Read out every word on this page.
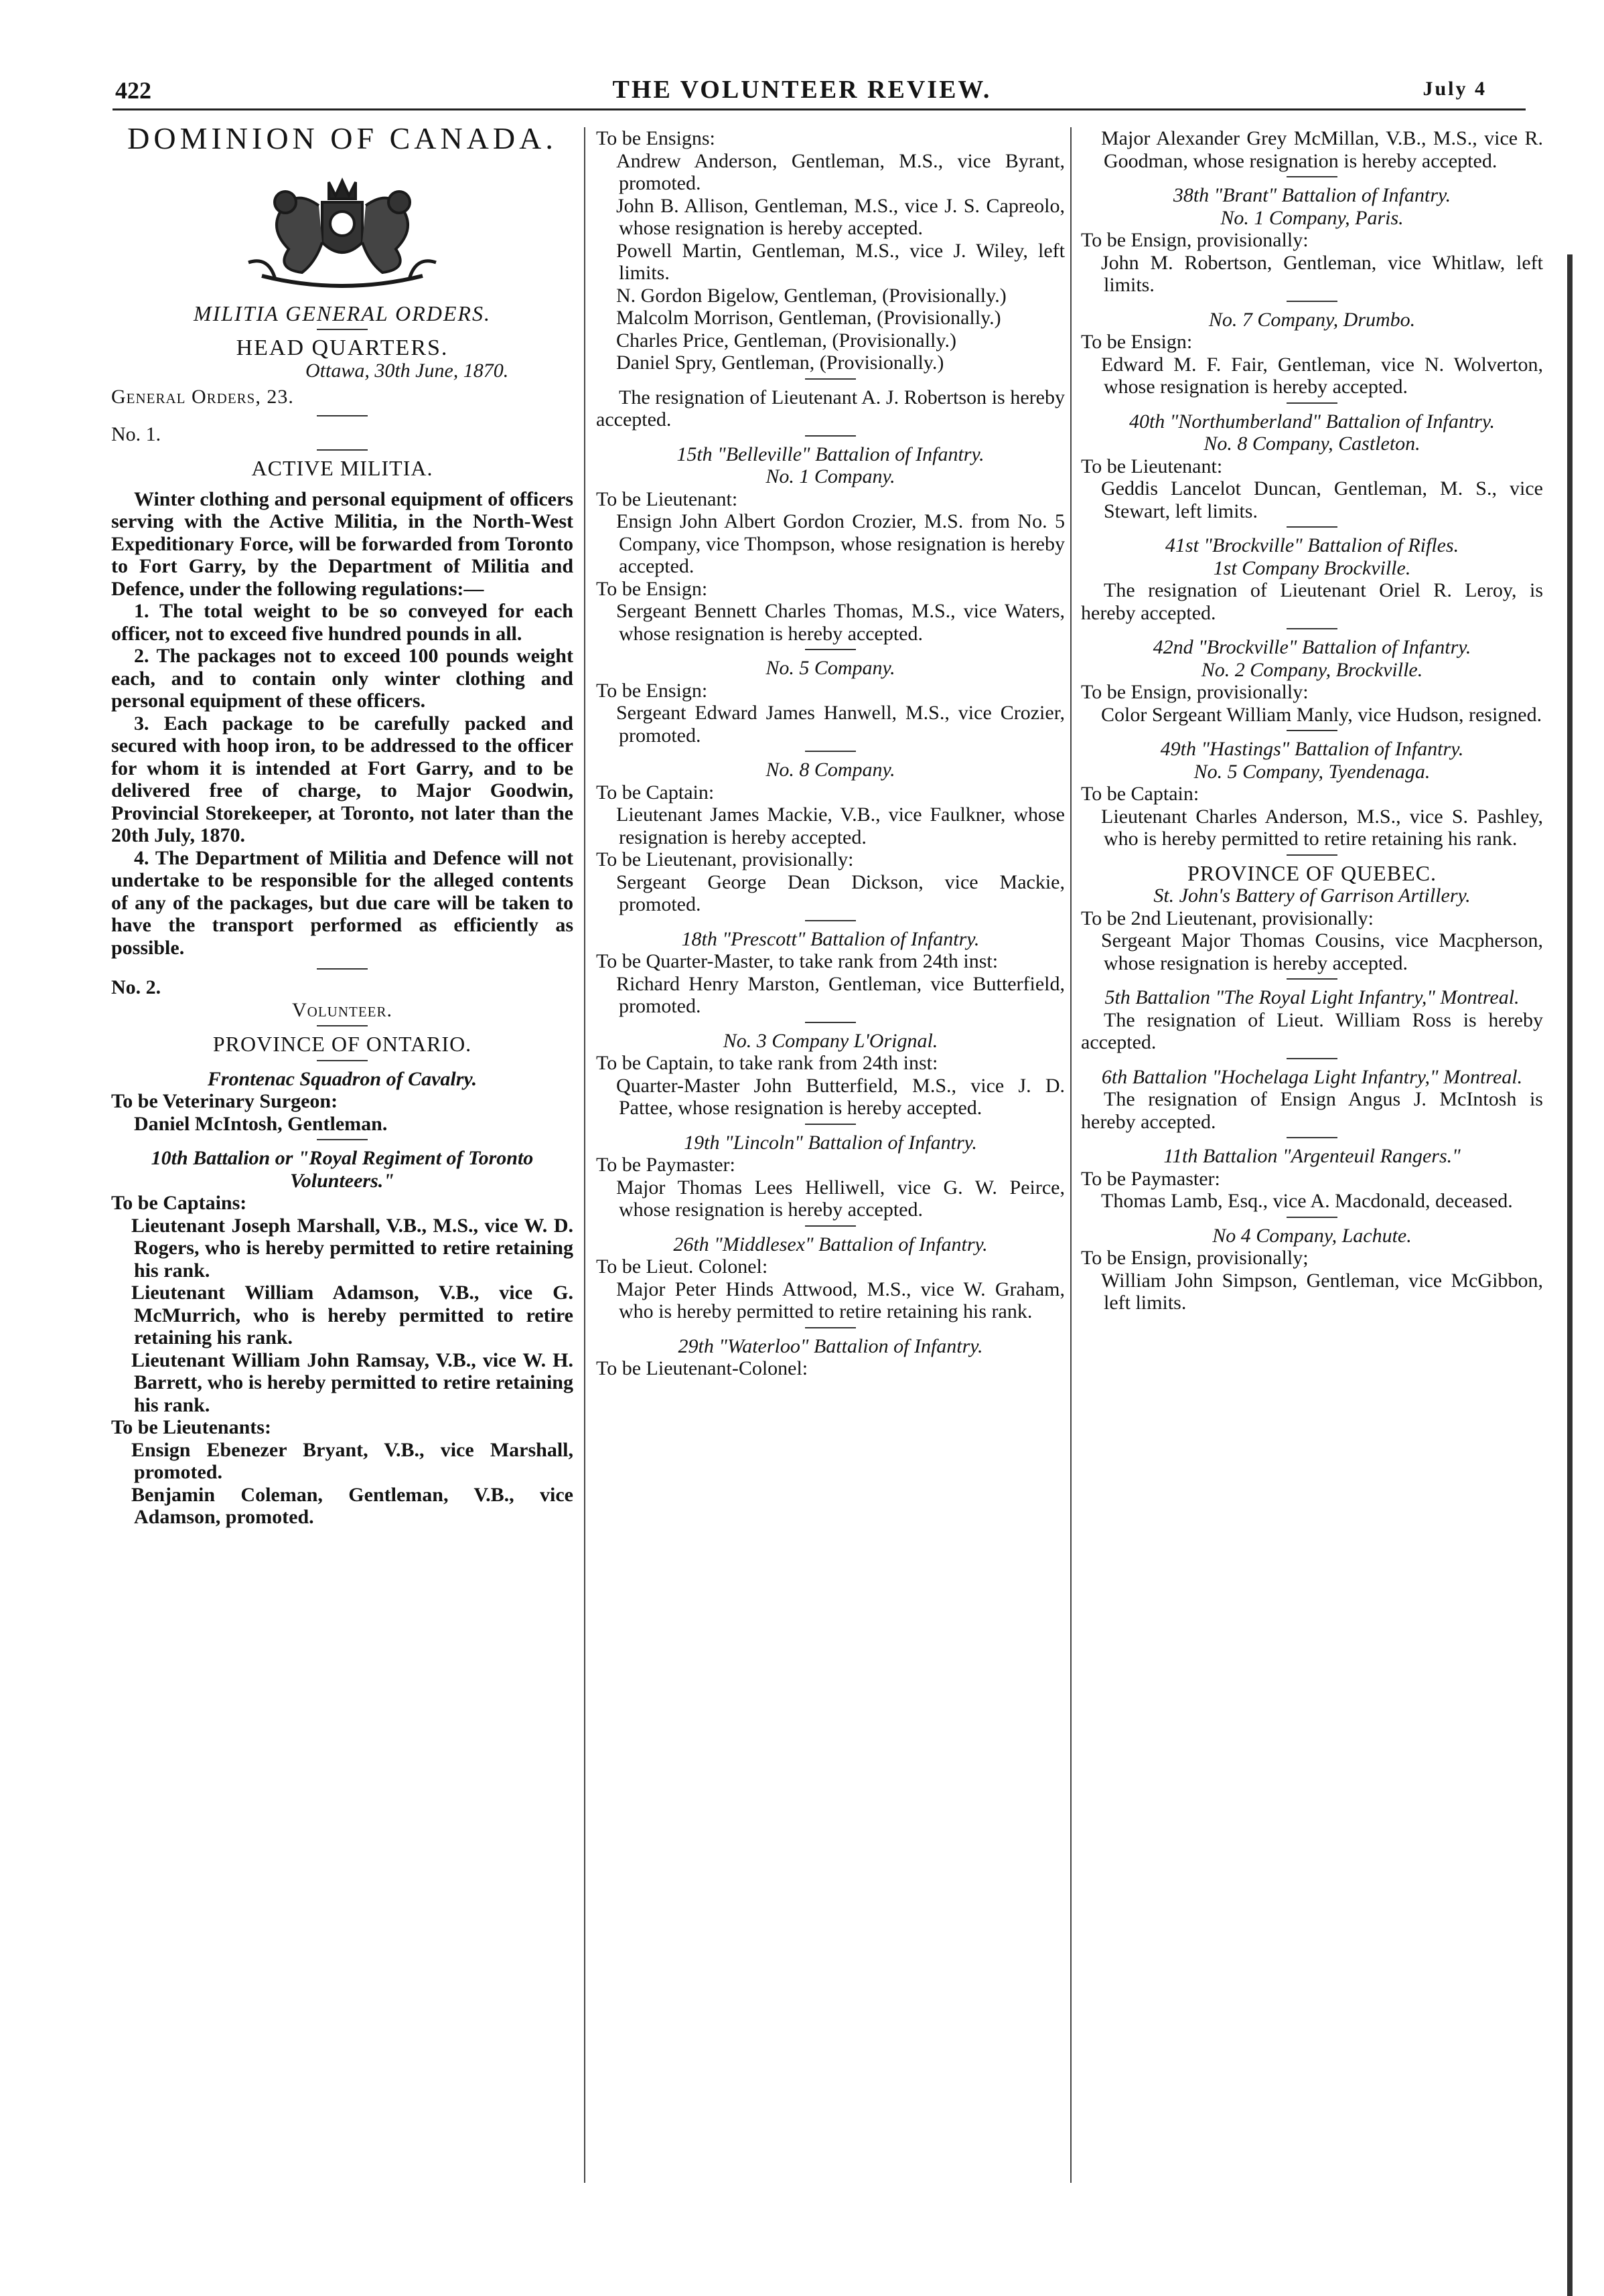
422	THE VOLUNTEER REVIEW.	July 4

DOMINION OF CANADA.

MILITIA GENERAL ORDERS.

HEAD QUARTERS.

Ottawa, 30th June, 1870.

General Orders, 23.

No. 1.

ACTIVE MILITIA.

Winter clothing and personal equipment of officers serving with the Active Militia, in the North-West Expeditionary Force, will be forwarded from Toronto to Fort Garry, by the Department of Militia and Defence, under the following regulations:—

1. The total weight to be so conveyed for each officer, not to exceed five hundred pounds in all.

2. The packages not to exceed 100 pounds weight each, and to contain only winter clothing and personal equipment of these officers.

3. Each package to be carefully packed and secured with hoop iron, to be addressed to the officer for whom it is intended at Fort Garry, and to be delivered free of charge, to Major Goodwin, Provincial Storekeeper, at Toronto, not later than the 20th July, 1870.

4. The Department of Militia and Defence will not undertake to be responsible for the alleged contents of any of the packages, but due care will be taken to have the transport performed as efficiently as possible.

No. 2.

Volunteer.

PROVINCE OF ONTARIO.

Frontenac Squadron of Cavalry.

To be Veterinary Surgeon:

Daniel McIntosh, Gentleman.

10th Battalion or "Royal Regiment of Toronto Volunteers."

To be Captains:

Lieutenant Joseph Marshall, V.B., M.S., vice W. D. Rogers, who is hereby permitted to retire retaining his rank.

Lieutenant William Adamson, V.B., vice G. McMurrich, who is hereby permitted to retire retaining his rank.

Lieutenant William John Ramsay, V.B., vice W. H. Barrett, who is hereby permitted to retire retaining his rank.

To be Lieutenants:

Ensign Ebenezer Bryant, V.B., vice Marshall, promoted.

Benjamin Coleman, Gentleman, V.B., vice Adamson, promoted.

To be Ensigns:

Andrew Anderson, Gentleman, M.S., vice Byrant, promoted.

John B. Allison, Gentleman, M.S., vice J. S. Capreolo, whose resignation is hereby accepted.

Powell Martin, Gentleman, M.S., vice J. Wiley, left limits.

N. Gordon Bigelow, Gentleman, (Provisionally.)

Malcolm Morrison, Gentleman, (Provisionally.)

Charles Price, Gentleman, (Provisionally.)

Daniel Spry, Gentleman, (Provisionally.)

The resignation of Lieutenant A. J. Robertson is hereby accepted.

15th "Belleville" Battalion of Infantry.

No. 1 Company.

To be Lieutenant:

Ensign John Albert Gordon Crozier, M.S. from No. 5 Company, vice Thompson, whose resignation is hereby accepted.

To be Ensign:

Sergeant Bennett Charles Thomas, M.S., vice Waters, whose resignation is hereby accepted.

No. 5 Company.

To be Ensign:

Sergeant Edward James Hanwell, M.S., vice Crozier, promoted.

No. 8 Company.

To be Captain:

Lieutenant James Mackie, V.B., vice Faulkner, whose resignation is hereby accepted.

To be Lieutenant, provisionally:

Sergeant George Dean Dickson, vice Mackie, promoted.

18th "Prescott" Battalion of Infantry.

To be Quarter-Master, to take rank from 24th inst:

Richard Henry Marston, Gentleman, vice Butterfield, promoted.

No. 3 Company L'Orignal.

To be Captain, to take rank from 24th inst:

Quarter-Master John Butterfield, M.S., vice J. D. Pattee, whose resignation is hereby accepted.

19th "Lincoln" Battalion of Infantry.

To be Paymaster:

Major Thomas Lees Helliwell, vice G. W. Peirce, whose resignation is hereby accepted.

26th "Middlesex" Battalion of Infantry.

To be Lieut. Colonel:

Major Peter Hinds Attwood, M.S., vice W. Graham, who is hereby permitted to retire retaining his rank.

29th "Waterloo" Battalion of Infantry.

To be Lieutenant-Colonel:

Major Alexander Grey McMillan, V.B., M.S., vice R. Goodman, whose resignation is hereby accepted.

38th "Brant" Battalion of Infantry.

No. 1 Company, Paris.

To be Ensign, provisionally:

John M. Robertson, Gentleman, vice Whitlaw, left limits.

No. 7 Company, Drumbo.

To be Ensign:

Edward M. F. Fair, Gentleman, vice N. Wolverton, whose resignation is hereby accepted.

40th "Northumberland" Battalion of Infantry.

No. 8 Company, Castleton.

To be Lieutenant:

Geddis Lancelot Duncan, Gentleman, M. S., vice Stewart, left limits.

41st "Brockville" Battalion of Rifles.

1st Company Brockville.

The resignation of Lieutenant Oriel R. Leroy, is hereby accepted.

42nd "Brockville" Battalion of Infantry.

No. 2 Company, Brockville.

To be Ensign, provisionally:

Color Sergeant William Manly, vice Hudson, resigned.

49th "Hastings" Battalion of Infantry.

No. 5 Company, Tyendenaga.

To be Captain:

Lieutenant Charles Anderson, M.S., vice S. Pashley, who is hereby permitted to retire retaining his rank.

PROVINCE OF QUEBEC.

St. John's Battery of Garrison Artillery.

To be 2nd Lieutenant, provisionally:

Sergeant Major Thomas Cousins, vice Macpherson, whose resignation is hereby accepted.

5th Battalion "The Royal Light Infantry," Montreal.

The resignation of Lieut. William Ross is hereby accepted.

6th Battalion "Hochelaga Light Infantry," Montreal.

The resignation of Ensign Angus J. McIntosh is hereby accepted.

11th Battalion "Argenteuil Rangers."

To be Paymaster:

Thomas Lamb, Esq., vice A. Macdonald, deceased.

No 4 Company, Lachute.

To be Ensign, provisionally;

William John Simpson, Gentleman, vice McGibbon, left limits.
